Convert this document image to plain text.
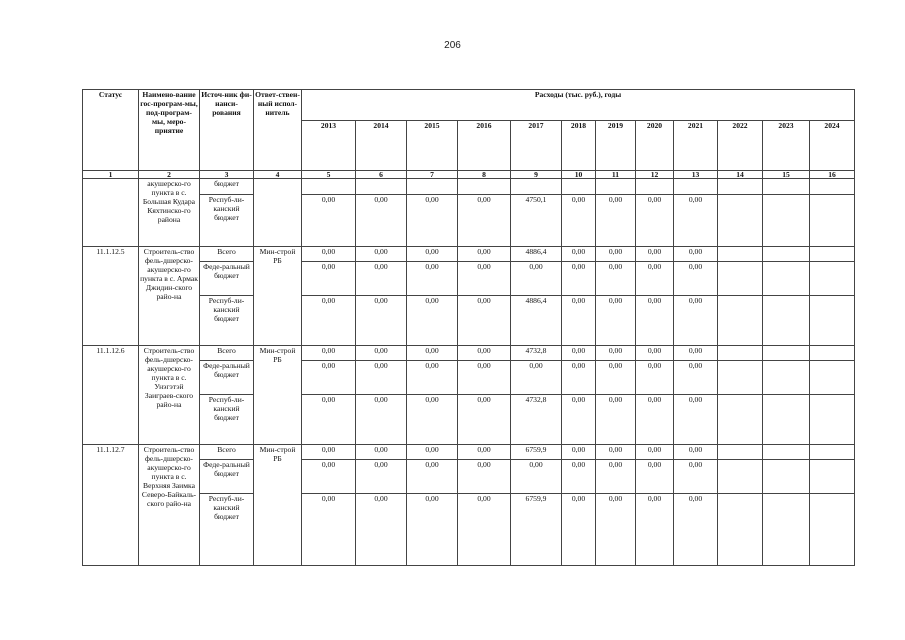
206
Статус	Наимено-вание гос-програм-мы, под-програм-мы, меро-приятие	Источ-ник фи-нанси-рования	Ответ-ствен-ный испол-нитель	Расходы (тыс. руб.), годы											
				2013	2014	2015	2016	2017	2018	2019	2020	2021	2022	2023	2024
1	2	3	4	5	6	7	8	9	10	11	12	13	14	15	16
	акушерско-го пункта в с. Большая Кудара Кяхтинско-го района	бюджет													
		Респуб-ли-канский бюджет		0,00	0,00	0,00	0,00	4750,1	0,00	0,00	0,00	0,00			
11.1.12.5	Строитель-ство фель-дшерско-акушерско-го пункта в с. Армак Джидин-ского райо-на	Всего	Мин-строй РБ	0,00	0,00	0,00	0,00	4886,4	0,00	0,00	0,00	0,00			
		Феде-ральный бюджет		0,00	0,00	0,00	0,00	0,00	0,00	0,00	0,00	0,00			
		Респуб-ли-канский бюджет		0,00	0,00	0,00	0,00	4886,4	0,00	0,00	0,00	0,00			
11.1.12.6	Строитель-ство фель-дшерско-акушерско-го пункта в с. Унэгэтэй Заиграев-ского райо-на	Всего	Мин-строй РБ	0,00	0,00	0,00	0,00	4732,8	0,00	0,00	0,00	0,00			
		Феде-ральный бюджет		0,00	0,00	0,00	0,00	0,00	0,00	0,00	0,00	0,00			
		Респуб-ли-канский бюджет		0,00	0,00	0,00	0,00	4732,8	0,00	0,00	0,00	0,00			
11.1.12.7	Строитель-ство фель-дшерско-акушерско-го пункта в с. Верхняя Заимка Северо-Байкаль-ского райо-на	Всего	Мин-строй РБ	0,00	0,00	0,00	0,00	6759,9	0,00	0,00	0,00	0,00			
		Феде-ральный бюджет		0,00	0,00	0,00	0,00	0,00	0,00	0,00	0,00	0,00			
		Респуб-ли-канский бюджет		0,00	0,00	0,00	0,00	6759,9	0,00	0,00	0,00	0,00			
